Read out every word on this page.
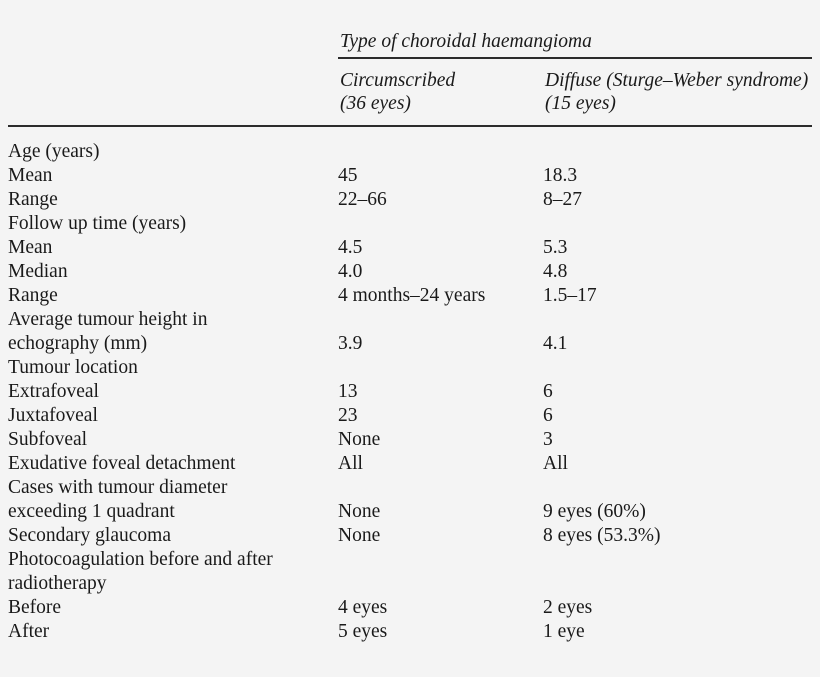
	Type of choroidal haemangioma	

Circumscribed
(36 eyes)

Diffuse (Sturge–Weber syndrome)
(15 eyes)

Age (years)		
Mean	45	18.3
Range	22–66	8–27
Follow up time (years)		
Mean	4.5	5.3
Median	4.0	4.8
Range	4 months–24 years	1.5–17
Average tumour height in		
echography (mm)	3.9	4.1
Tumour location		
Extrafoveal	13	6
Juxtafoveal	23	6
Subfoveal	None	3
Exudative foveal detachment	All	All
Cases with tumour diameter		
exceeding 1 quadrant	None	9 eyes (60%)
Secondary glaucoma	None	8 eyes (53.3%)
Photocoagulation before and after		
radiotherapy		
Before	4 eyes	2 eyes
After	5 eyes	1 eye
